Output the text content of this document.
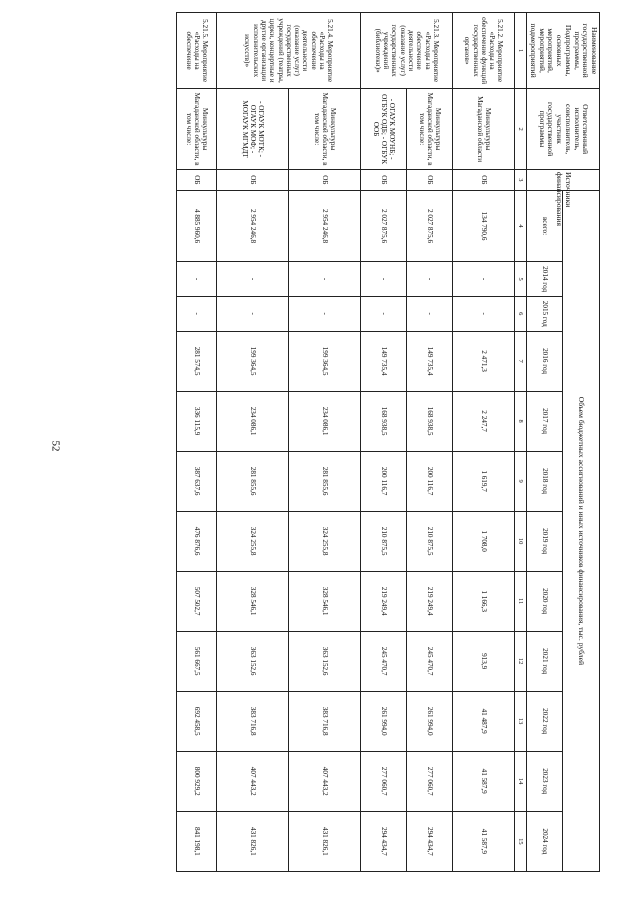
52
Наименование государственной программы, Подпрограммы, основных мероприятий, мероприятий, подмероприятий	Ответственный исполнитель, соисполнитель, участник государственной программы	Источники финансирования	Объем бюджетных ассигнований и иных источников финансирования, тыс. рублей											
			всего:	2014 год	2015 год	2016 год	2017 год	2018 год	2019 год	2020 год	2021 год	2022 год	2023 год	2024 год
1	2	3	4	5	6	7	8	9	10	11	12	13	14	15
5.21.2. Мероприятие «Расходы на обеспечение функций государственных органов»	Минкультуры Магаданской области	ОБ	134 790,6	-	-	2 471,3	2 247,7	1 619,7	1 708,0	1 166,3	913,9	41 487,9	41 587,9	41 587,9
5.21.3. Мероприятие «Расходы на обеспечение деятельности (оказание услуг) государственных учреждений (библиотеки)»	Минкультуры Магаданской области, в том числе:	ОБ	2 027 875,6	-	-	149 735,4	168 938,5	200 116,7	210 875,5	219 249,4	245 470,7	261 994,0	277 060,7	294 434,7
	- ОГАУК МОУНБ; - ОГБУК ОДБ; - ОГБУК ООБ	ОБ	2 027 875,6	-	-	149 735,4	168 938,5	200 116,7	210 875,5	219 249,4	245 470,7	261 994,0	277 060,7	294 434,7
5.21.4. Мероприятие «Расходы на обеспечение деятельности (оказание услуг) государственных учреждений (театры, цирки, концертные и другие организации исполнительских искусств)»	Минкультуры Магаданской области, в том числе:	ОБ	2 954 246,8	-	-	199 364,5	234 086,1	281 855,6	324 255,8	328 546,1	363 152,6	383 716,8	407 443,2	431 826,1
	- ОГАУК МОТК; - ОГАУК МОФ; - МОГАУК МГМДТ	ОБ	2 954 246,8	-	-	199 364,5	234 086,1	281 855,6	324 255,8	328 546,1	363 152,6	383 716,8	407 443,2	431 826,1
5.21.5. Мероприятие «Расходы на обеспечение	Минкультуры Магаданской области, в том числе:	ОБ	4 885 960,6	-	-	281 574,5	336 115,9	387 637,6	476 876,6	507 502,7	561 667,5	692 458,5	800 929,2	841 198,1
